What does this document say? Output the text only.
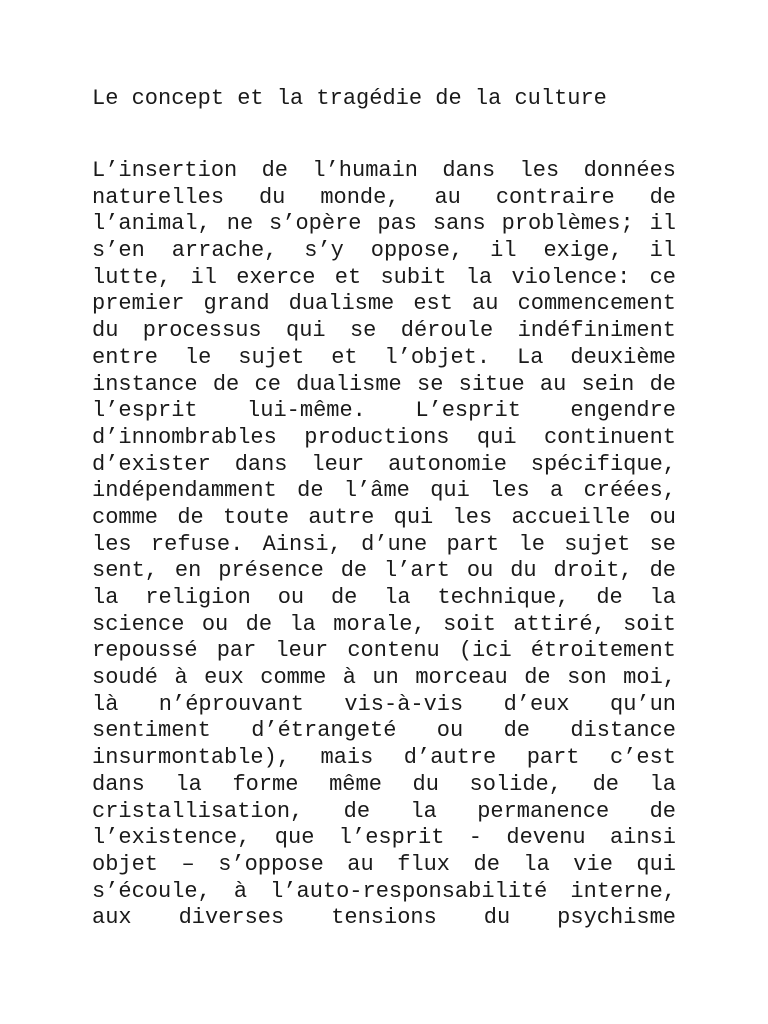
Le concept et la tragédie de la culture
L’insertion de l’humain dans les données
naturelles du monde, au contraire de
l’animal, ne s’opère pas sans problèmes; il
s’en arrache, s’y oppose, il exige, il
lutte, il exerce et subit la violence: ce
premier grand dualisme est au commencement
du processus qui se déroule indéfiniment
entre le sujet et l’objet. La deuxième
instance de ce dualisme se situe au sein de
l’esprit lui-même. L’esprit engendre
d’innombrables productions qui continuent
d’exister dans leur autonomie spécifique,
indépendamment de l’âme qui les a créées,
comme de toute autre qui les accueille ou
les refuse. Ainsi, d’une part le sujet se
sent, en présence de l’art ou du droit, de
la religion ou de la technique, de la
science ou de la morale, soit attiré, soit
repoussé par leur contenu (ici étroitement
soudé à eux comme à un morceau de son moi,
là n’éprouvant vis-à-vis d’eux qu’un
sentiment d’étrangeté ou de distance
insurmontable), mais d’autre part c’est
dans la forme même du solide, de la
cristallisation, de la permanence de
l’existence, que l’esprit - devenu ainsi
objet – s’oppose au flux de la vie qui
s’écoule, à l’auto-responsabilité interne,
aux diverses tensions du psychisme
